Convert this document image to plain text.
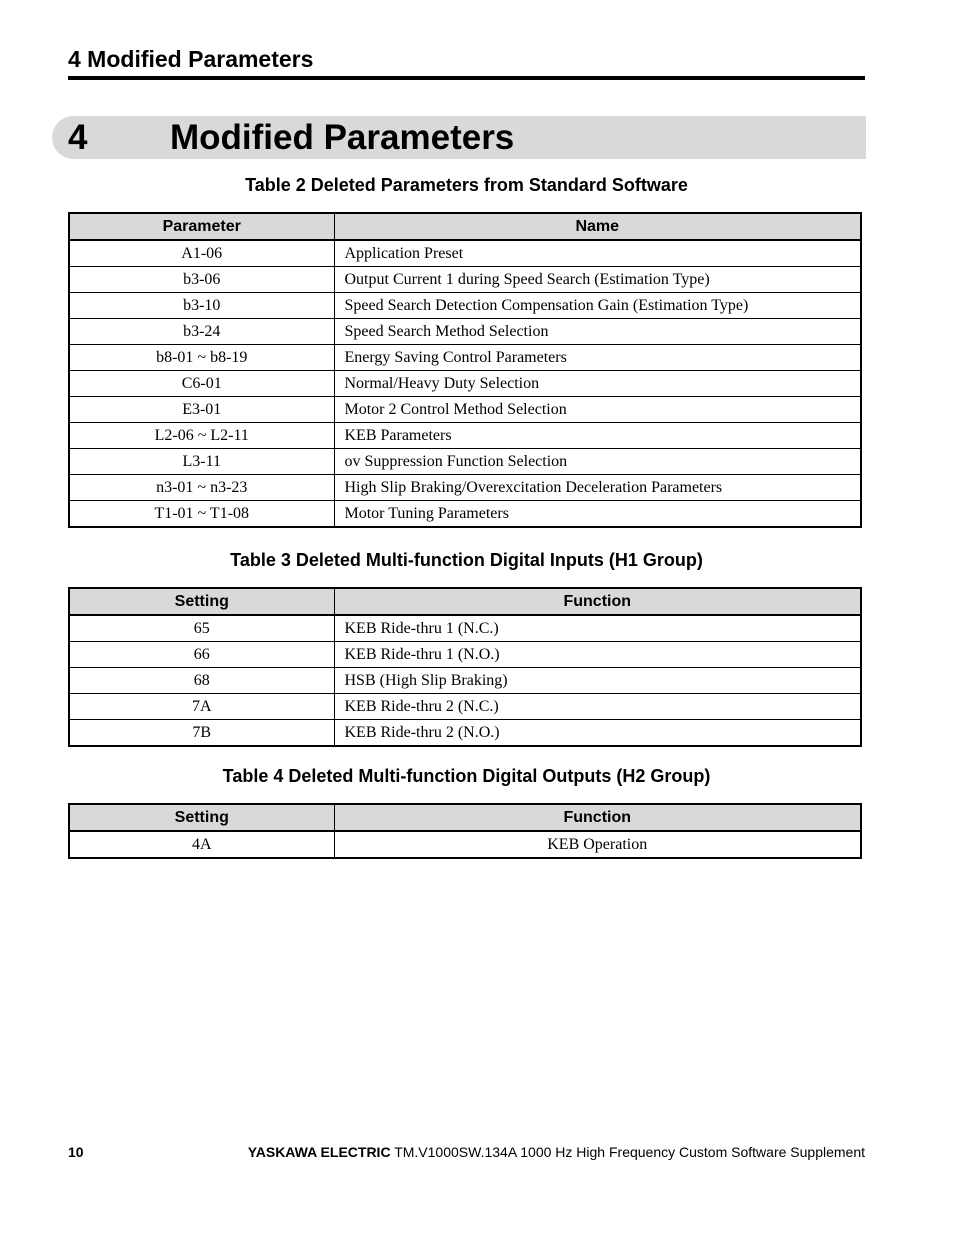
4 Modified Parameters
4 Modified Parameters
Table 2 Deleted Parameters from Standard Software
Parameter	Name
A1-06	Application Preset
b3-06	Output Current 1 during Speed Search (Estimation Type)
b3-10	Speed Search Detection Compensation Gain (Estimation Type)
b3-24	Speed Search Method Selection
b8-01 ~ b8-19	Energy Saving Control Parameters
C6-01	Normal/Heavy Duty Selection
E3-01	Motor 2 Control Method Selection
L2-06 ~ L2-11	KEB Parameters
L3-11	ov Suppression Function Selection
n3-01 ~ n3-23	High Slip Braking/Overexcitation Deceleration Parameters
T1-01 ~ T1-08	Motor Tuning Parameters
Table 3 Deleted Multi-function Digital Inputs (H1 Group)
Setting	Function
65	KEB Ride-thru 1 (N.C.)
66	KEB Ride-thru 1 (N.O.)
68	HSB (High Slip Braking)
7A	KEB Ride-thru 2 (N.C.)
7B	KEB Ride-thru 2 (N.O.)
Table 4 Deleted Multi-function Digital Outputs (H2 Group)
Setting	Function
4A	KEB Operation
10	YASKAWA ELECTRIC TM.V1000SW.134A 1000 Hz High Frequency Custom Software Supplement
